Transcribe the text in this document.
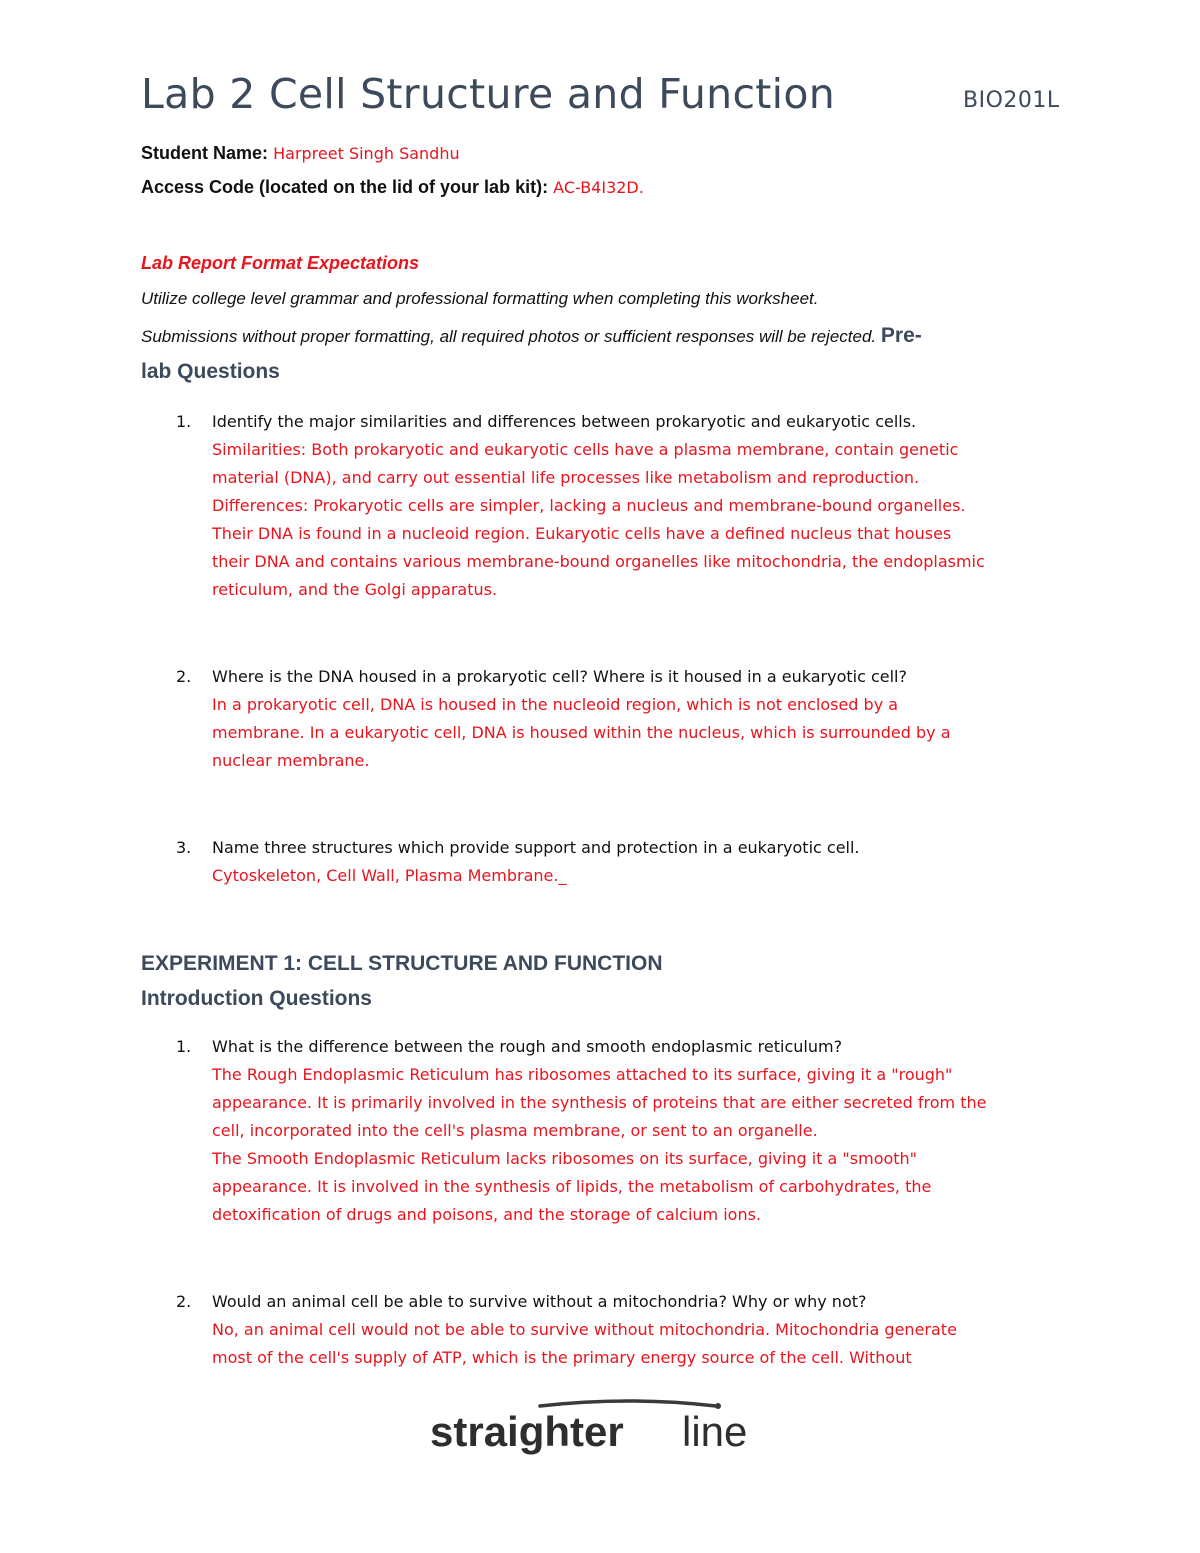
Lab 2 Cell Structure and Function	BIO201L
Student Name: Harpreet Singh Sandhu
Access Code (located on the lid of your lab kit): AC-B4I32D.
Lab Report Format Expectations
Utilize college level grammar and professional formatting when completing this worksheet.
Submissions without proper formatting, all required photos or sufficient responses will be rejected. Pre-
lab Questions
1. Identify the major similarities and differences between prokaryotic and eukaryotic cells.
Similarities: Both prokaryotic and eukaryotic cells have a plasma membrane, contain genetic
material (DNA), and carry out essential life processes like metabolism and reproduction.
Differences: Prokaryotic cells are simpler, lacking a nucleus and membrane-bound organelles.
Their DNA is found in a nucleoid region. Eukaryotic cells have a defined nucleus that houses
their DNA and contains various membrane-bound organelles like mitochondria, the endoplasmic
reticulum, and the Golgi apparatus.
2. Where is the DNA housed in a prokaryotic cell? Where is it housed in a eukaryotic cell?
In a prokaryotic cell, DNA is housed in the nucleoid region, which is not enclosed by a
membrane. In a eukaryotic cell, DNA is housed within the nucleus, which is surrounded by a
nuclear membrane.
3. Name three structures which provide support and protection in a eukaryotic cell.
Cytoskeleton, Cell Wall, Plasma Membrane._
EXPERIMENT 1: CELL STRUCTURE AND FUNCTION
Introduction Questions
1. What is the difference between the rough and smooth endoplasmic reticulum?
The Rough Endoplasmic Reticulum has ribosomes attached to its surface, giving it a "rough"
appearance. It is primarily involved in the synthesis of proteins that are either secreted from the
cell, incorporated into the cell's plasma membrane, or sent to an organelle.
The Smooth Endoplasmic Reticulum lacks ribosomes on its surface, giving it a "smooth"
appearance. It is involved in the synthesis of lipids, the metabolism of carbohydrates, the
detoxification of drugs and poisons, and the storage of calcium ions.
2. Would an animal cell be able to survive without a mitochondria? Why or why not?
No, an animal cell would not be able to survive without mitochondria. Mitochondria generate
most of the cell's supply of ATP, which is the primary energy source of the cell. Without
straighter line
